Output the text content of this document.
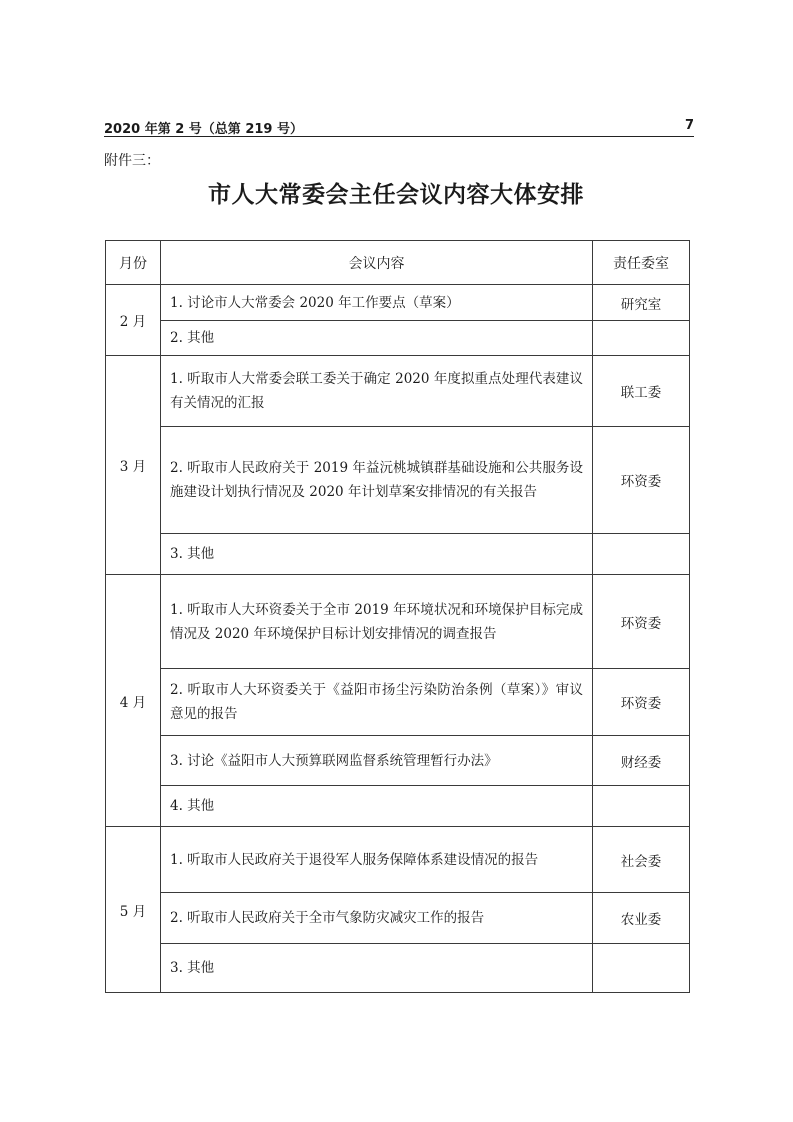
2020 年第 2 号（总第 219 号）	7
附件三：
市人大常委会主任会议内容大体安排
月份	会议内容	责任委室
2 月	1. 讨论市人大常委会 2020 年工作要点（草案）	研究室
	2. 其他	
3 月	1. 听取市人大常委会联工委关于确定 2020 年度拟重点处理代表建议有关情况的汇报	联工委
	2. 听取市人民政府关于 2019 年益沅桃城镇群基础设施和公共服务设施建设计划执行情况及 2020 年计划草案安排情况的有关报告	环资委
	3. 其他	
4 月	1. 听取市人大环资委关于全市 2019 年环境状况和环境保护目标完成情况及 2020 年环境保护目标计划安排情况的调查报告	环资委
	2. 听取市人大环资委关于《益阳市扬尘污染防治条例（草案）》审议意见的报告	环资委
	3. 讨论《益阳市人大预算联网监督系统管理暂行办法》	财经委
	4. 其他	
5 月	1. 听取市人民政府关于退役军人服务保障体系建设情况的报告	社会委
	2. 听取市人民政府关于全市气象防灾减灾工作的报告	农业委
	3. 其他	
